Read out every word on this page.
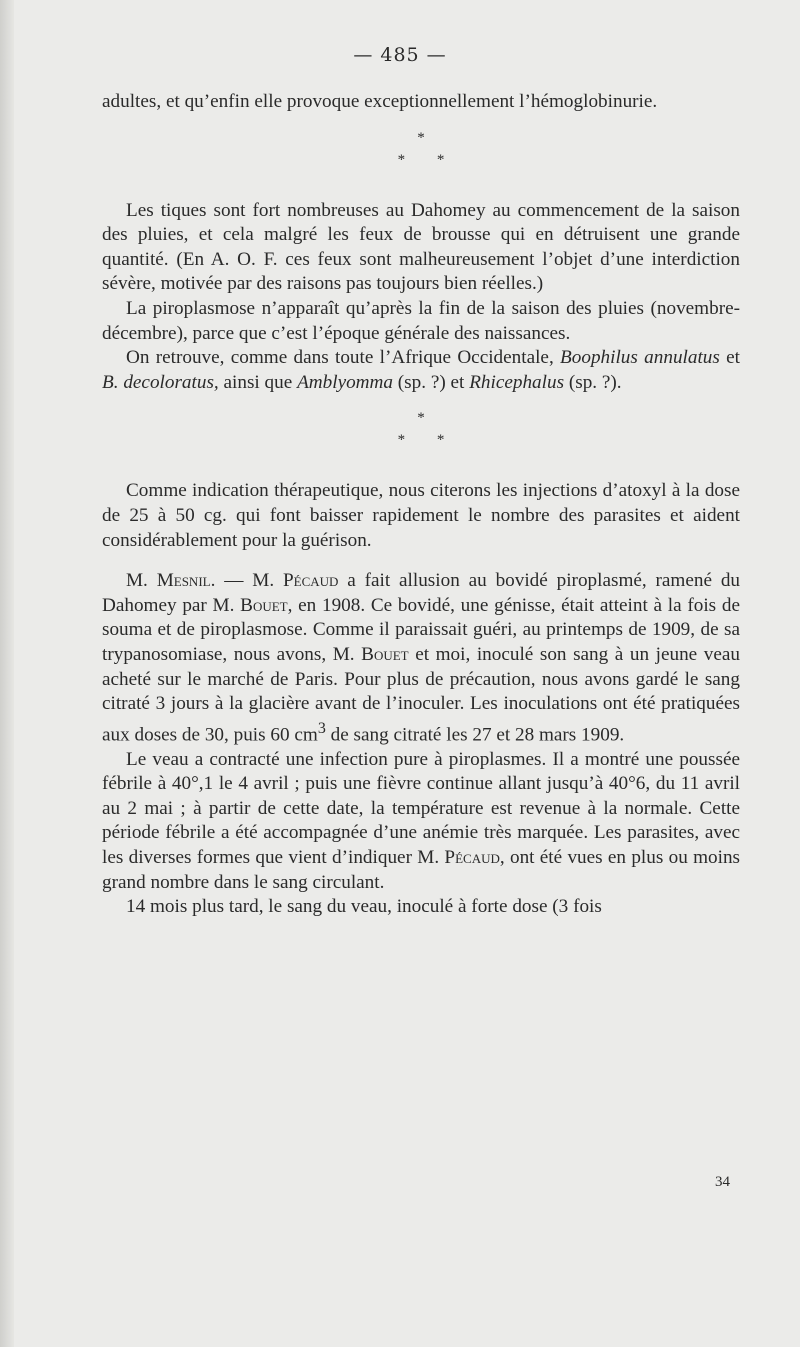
— 485 —

adultes, et qu’enfin elle provoque exceptionnellement l’hémoglobinurie.

*
* *

Les tiques sont fort nombreuses au Dahomey au commencement de la saison des pluies, et cela malgré les feux de brousse qui en détruisent une grande quantité. (En A. O. F. ces feux sont malheureusement l’objet d’une interdiction sévère, motivée par des raisons pas toujours bien réelles.)

La piroplasmose n’apparaît qu’après la fin de la saison des pluies (novembre-décembre), parce que c’est l’époque générale des naissances.

On retrouve, comme dans toute l’Afrique Occidentale, Boophilus annulatus et B. decoloratus, ainsi que Amblyomma (sp. ?) et Rhicephalus (sp. ?).

*
* *

Comme indication thérapeutique, nous citerons les injections d’atoxyl à la dose de 25 à 50 cg. qui font baisser rapidement le nombre des parasites et aident considérablement pour la guérison.

M. Mesnil. — M. Pécaud a fait allusion au bovidé piroplasmé, ramené du Dahomey par M. Bouet, en 1908. Ce bovidé, une génisse, était atteint à la fois de souma et de piroplasmose. Comme il paraissait guéri, au printemps de 1909, de sa trypanosomiase, nous avons, M. Bouet et moi, inoculé son sang à un jeune veau acheté sur le marché de Paris. Pour plus de précaution, nous avons gardé le sang citraté 3 jours à la glacière avant de l’inoculer. Les inoculations ont été pratiquées aux doses de 30, puis 60 $cm^3$ de sang citraté les 27 et 28 mars 1909.

Le veau a contracté une infection pure à piroplasmes. Il a montré une poussée fébrile à 40°,1 le 4 avril ; puis une fièvre continue allant jusqu’à 40°6, du 11 avril au 2 mai ; à partir de cette date, la température est revenue à la normale. Cette période fébrile a été accompagnée d’une anémie très marquée. Les parasites, avec les diverses formes que vient d’indiquer M. Pécaud, ont été vues en plus ou moins grand nombre dans le sang circulant.

14 mois plus tard, le sang du veau, inoculé à forte dose (3 fois

34
